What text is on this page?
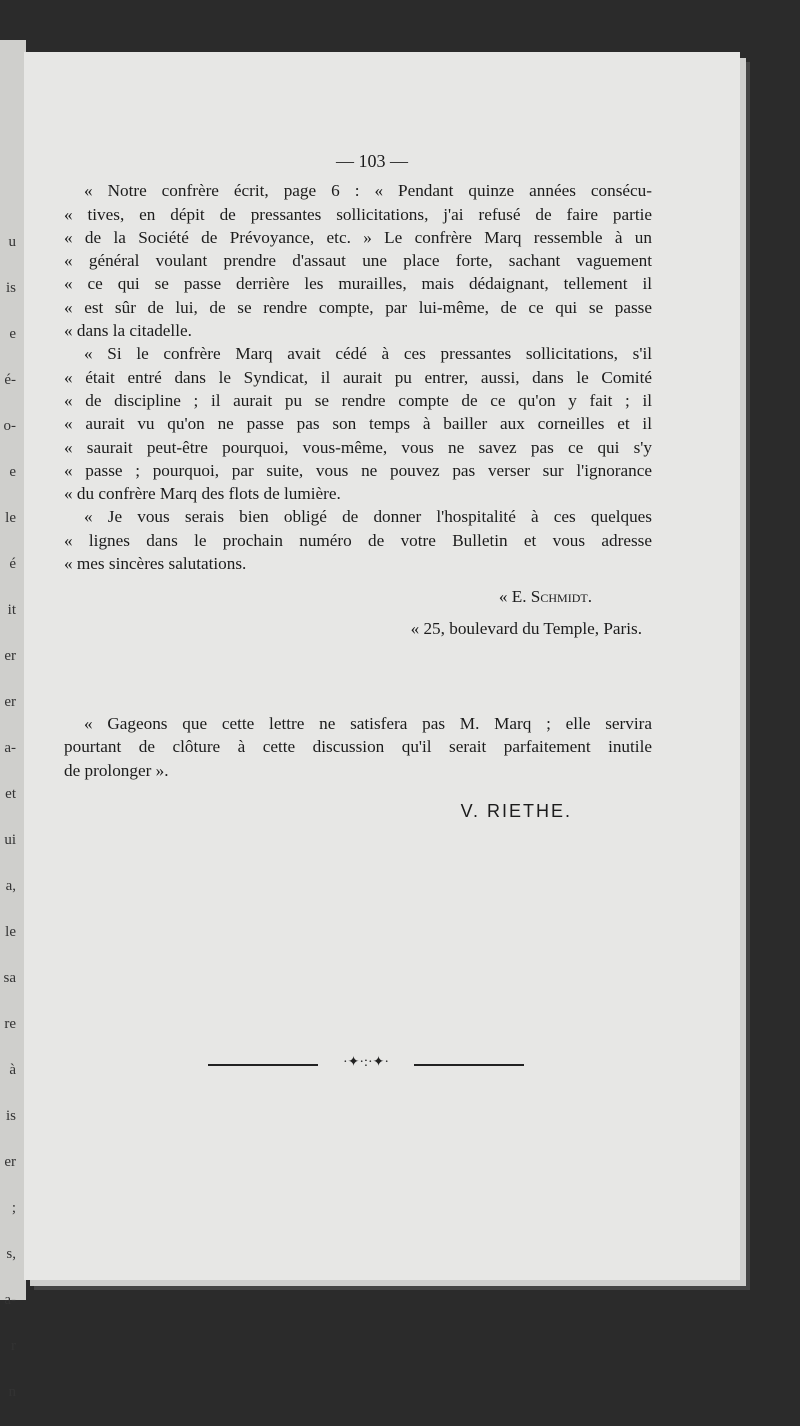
u
is
e
é-
o-
e
le
é
it
er
er
a-
et
ui
a,
le
sa
re
à
is
er
;
s,
a-
r
n
— 103 —

« Notre confrère écrit, page 6 : « Pendant quinze années consécu-

« tives, en dépit de pressantes sollicitations, j'ai refusé de faire partie

« de la Société de Prévoyance, etc. » Le confrère Marq ressemble à un

« général voulant prendre d'assaut une place forte, sachant vaguement

« ce qui se passe derrière les murailles, mais dédaignant, tellement il

« est sûr de lui, de se rendre compte, par lui-même, de ce qui se passe

« dans la citadelle.

« Si le confrère Marq avait cédé à ces pressantes sollicitations, s'il

« était entré dans le Syndicat, il aurait pu entrer, aussi, dans le Comité

« de discipline ; il aurait pu se rendre compte de ce qu'on y fait ; il

« aurait vu qu'on ne passe pas son temps à bailler aux corneilles et il

« saurait peut-être pourquoi, vous-même, vous ne savez pas ce qui s'y

« passe ; pourquoi, par suite, vous ne pouvez pas verser sur l'ignorance

« du confrère Marq des flots de lumière.

« Je vous serais bien obligé de donner l'hospitalité à ces quelques

« lignes dans le prochain numéro de votre Bulletin et vous adresse

« mes sincères salutations.

« E. Schmidt.
« 25, boulevard du Temple, Paris.

« Gageons que cette lettre ne satisfera pas M. Marq ; elle servira

pourtant de clôture à cette discussion qu'il serait parfaitement inutile

de prolonger ».

V. RIETHE.
·✦·:·✦·
